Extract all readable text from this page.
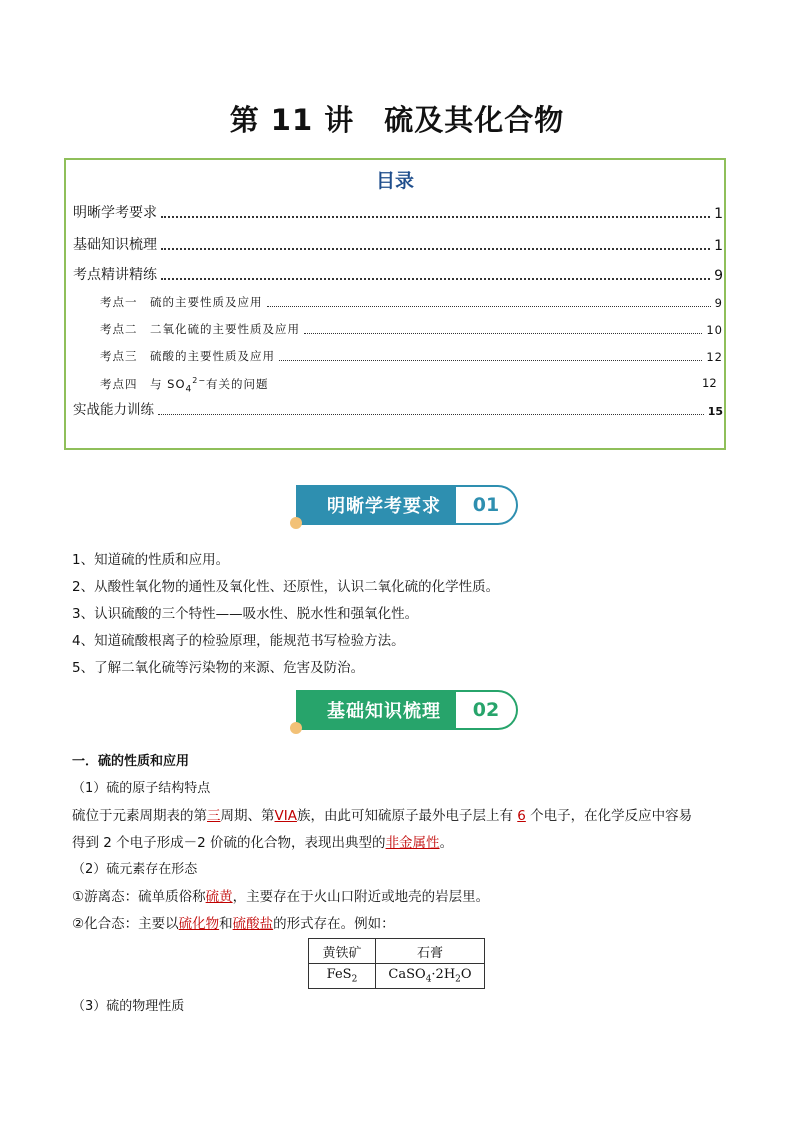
第 11 讲 硫及其化合物
目录
明晰学考要求	1
基础知识梳理	1
考点精讲精练	9
考点一　硫的主要性质及应用	9
考点二　二氧化硫的主要性质及应用	10
考点三　硫酸的主要性质及应用	12
考点四　与 $SO_4^{2-}$有关的问题	12
实战能力训练	15
明晰学考要求	01
1、知道硫的性质和应用。
2、从酸性氧化物的通性及氧化性、还原性，认识二氧化硫的化学性质。
3、认识硫酸的三个特性——吸水性、脱水性和强氧化性。
4、知道硫酸根离子的检验原理，能规范书写检验方法。
5、了解二氧化硫等污染物的来源、危害及防治。
基础知识梳理	02
一．硫的性质和应用
（1）硫的原子结构特点
硫位于元素周期表的第三周期、第VIA族，由此可知硫原子最外电子层上有 6 个电子，在化学反应中容易
得到 2 个电子形成－2 价硫的化合物，表现出典型的非金属性。
（2）硫元素存在形态
①游离态：硫单质俗称硫黄，主要存在于火山口附近或地壳的岩层里。
②化合态：主要以硫化物和硫酸盐的形式存在。例如：
黄铁矿	石膏
FeS$_2$	$CaSO_4\cdot 2H_2O$
（3）硫的物理性质
